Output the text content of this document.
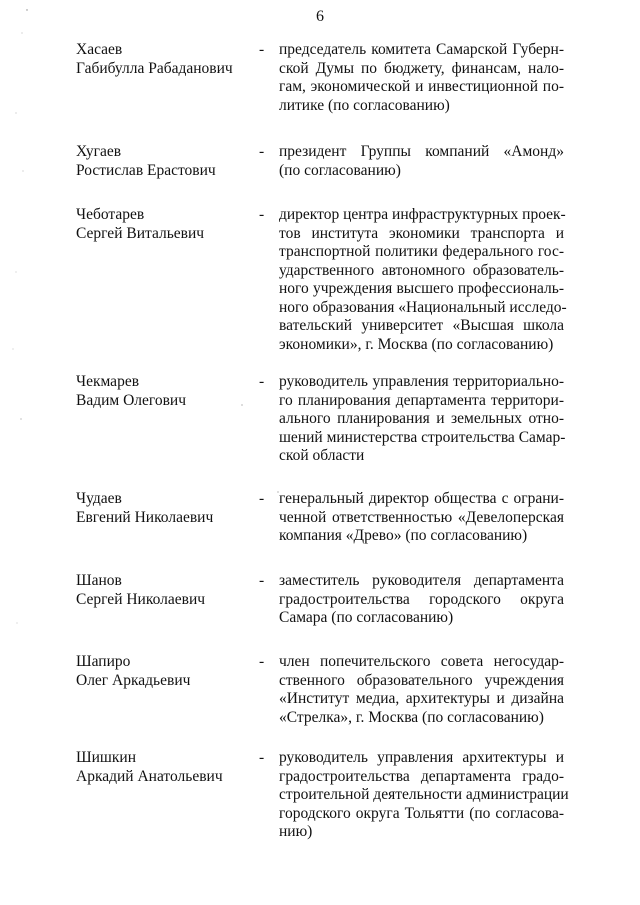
6
Хасаев
Габибулла Рабаданович
- председатель комитета Самарской Губерн-
ской Думы по бюджету, финансам, нало-
гам, экономической и инвестиционной по-
литике (по согласованию)
Хугаев
Ростислав Ерастович
- президент Группы компаний «Амонд»
(по согласованию)
Чеботарев
Сергей Витальевич
- директор центра инфраструктурных проек-
тов института экономики транспорта и
транспортной политики федерального гос-
ударственного автономного образователь-
ного учреждения высшего профессиональ-
ного образования «Национальный исследо-
вательский университет «Высшая школа
экономики», г. Москва (по согласованию)
Чекмарев
Вадим Олегович
- руководитель управления территориально-
го планирования департамента территори-
ального планирования и земельных отно-
шений министерства строительства Самар-
ской области
Чудаев
Евгений Николаевич
- генеральный директор общества с ограни-
ченной ответственностью «Девелоперская
компания «Древо» (по согласованию)
Шанов
Сергей Николаевич
- заместитель руководителя департамента
градостроительства городского округа
Самара (по согласованию)
Шапиро
Олег Аркадьевич
- член попечительского совета негосудар-
ственного образовательного учреждения
«Институт медиа, архитектуры и дизайна
«Стрелка», г. Москва (по согласованию)
Шишкин
Аркадий Анатольевич
- руководитель управления архитектуры и
градостроительства департамента градо-
строительной деятельности администрации
городского округа Тольятти (по согласова-
нию)
